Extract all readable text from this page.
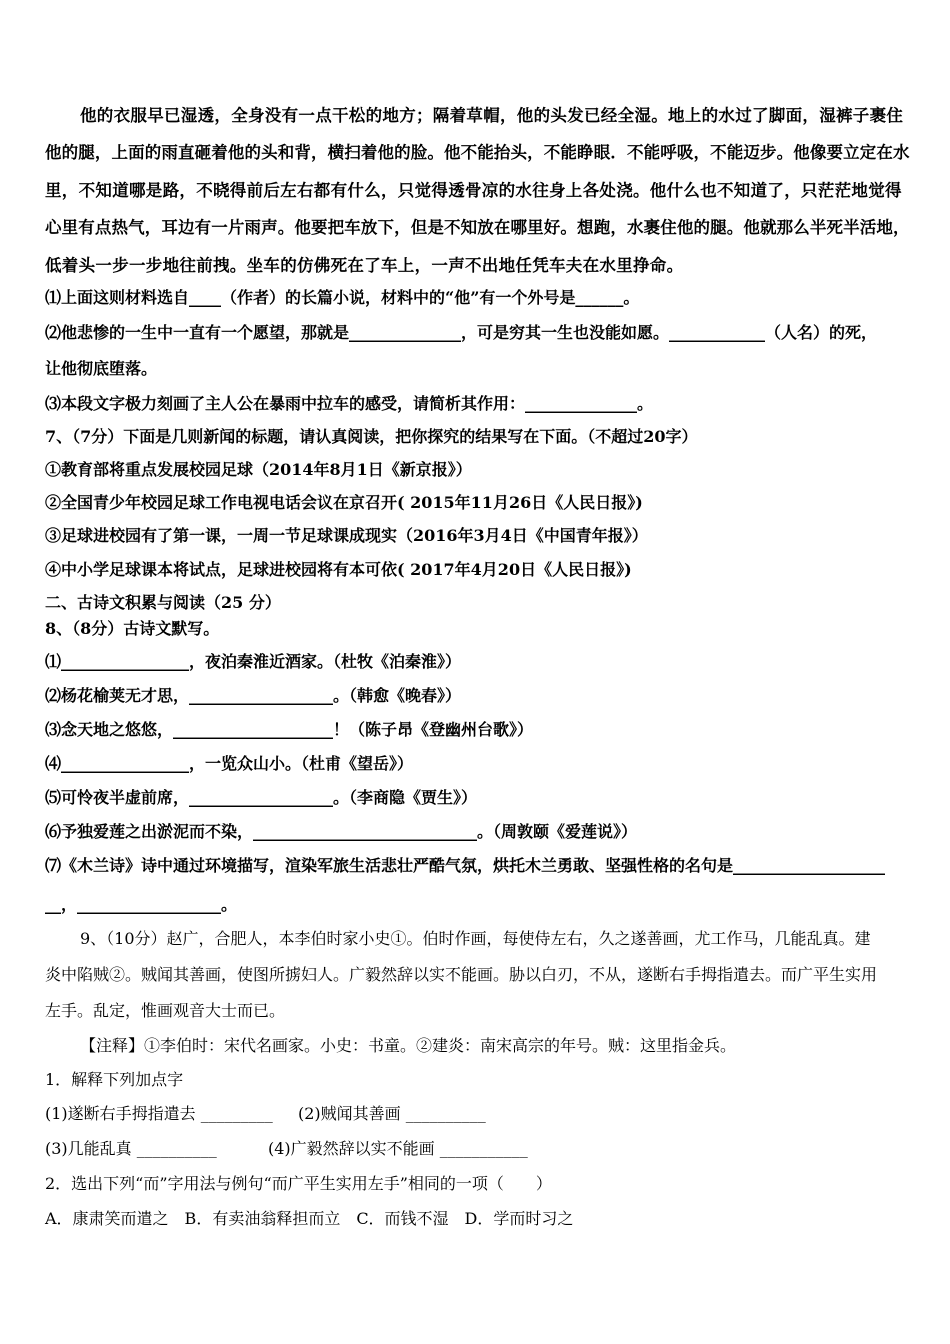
他的衣服早已湿透，全身没有一点干松的地方；隔着草帽，他的头发已经全湿。地上的水过了脚面，湿裤子裹住
他的腿，上面的雨直砸着他的头和背，横扫着他的脸。他不能抬头，不能睁眼．不能呼吸，不能迈步。他像要立定在水
里，不知道哪是路，不晓得前后左右都有什么，只觉得透骨凉的水往身上各处浇。他什么也不知道了，只茫茫地觉得
心里有点热气，耳边有一片雨声。他要把车放下，但是不知放在哪里好。想跑，水裹住他的腿。他就那么半死半活地，
低着头一步一步地往前拽。坐车的仿佛死在了车上，一声不出地任凭车夫在水里挣命。
⑴上面这则材料选自____（作者）的长篇小说，材料中的“他”有一个外号是______。
⑵他悲惨的一生中一直有一个愿望，那就是______________，可是穷其一生也没能如愿。____________（人名）的死，
让他彻底堕落。
⑶本段文字极力刻画了主人公在暴雨中拉车的感受，请简析其作用：______________。
7、（7分）下面是几则新闻的标题，请认真阅读，把你探究的结果写在下面。（不超过20字）
①教育部将重点发展校园足球（2014年8月1日《新京报》）
②全国青少年校园足球工作电视电话会议在京召开( 2015年11月26日《人民日报》)
③足球进校园有了第一课，一周一节足球课成现实（2016年3月4日《中国青年报》）
④中小学足球课本将试点，足球进校园将有本可依( 2017年4月20日《人民日报》)
二、古诗文积累与阅读（25 分）
8、（8分）古诗文默写。
⑴________________，夜泊秦淮近酒家。（杜牧《泊秦淮》）
⑵杨花榆荚无才思，__________________。（韩愈《晚春》）
⑶念天地之悠悠，____________________！（陈子昂《登幽州台歌》）
⑷________________，一览众山小。（杜甫《望岳》）
⑸可怜夜半虚前席，__________________。（李商隐《贾生》）
⑹予独爱莲之出淤泥而不染，____________________________。（周敦颐《爱莲说》）
⑺《木兰诗》诗中通过环境描写，渲染军旅生活悲壮严酷气氛，烘托木兰勇敢、坚强性格的名句是___________________
__，__________________。
9、（10分）赵广，合肥人，本李伯时家小史①。伯时作画，每使侍左右，久之遂善画，尤工作马，几能乱真。建
炎中陷贼②。贼闻其善画，使图所掳妇人。广毅然辞以实不能画。胁以白刃，不从，遂断右手拇指遣去。而广平生实用
左手。乱定，惟画观音大士而已。
【注释】①李伯时：宋代名画家。小史：书童。②建炎：南宋高宗的年号。贼：这里指金兵。
1．解释下列加点字
(1)遂断右手拇指遣去 _________ (2)贼闻其善画 __________
(3)几能乱真 __________	(4)广毅然辞以实不能画 ___________
2．选出下列“而”字用法与例句“而广平生实用左手”相同的一项（　　）
A．康肃笑而遣之　B．有卖油翁释担而立　C．而钱不湿　D．学而时习之
